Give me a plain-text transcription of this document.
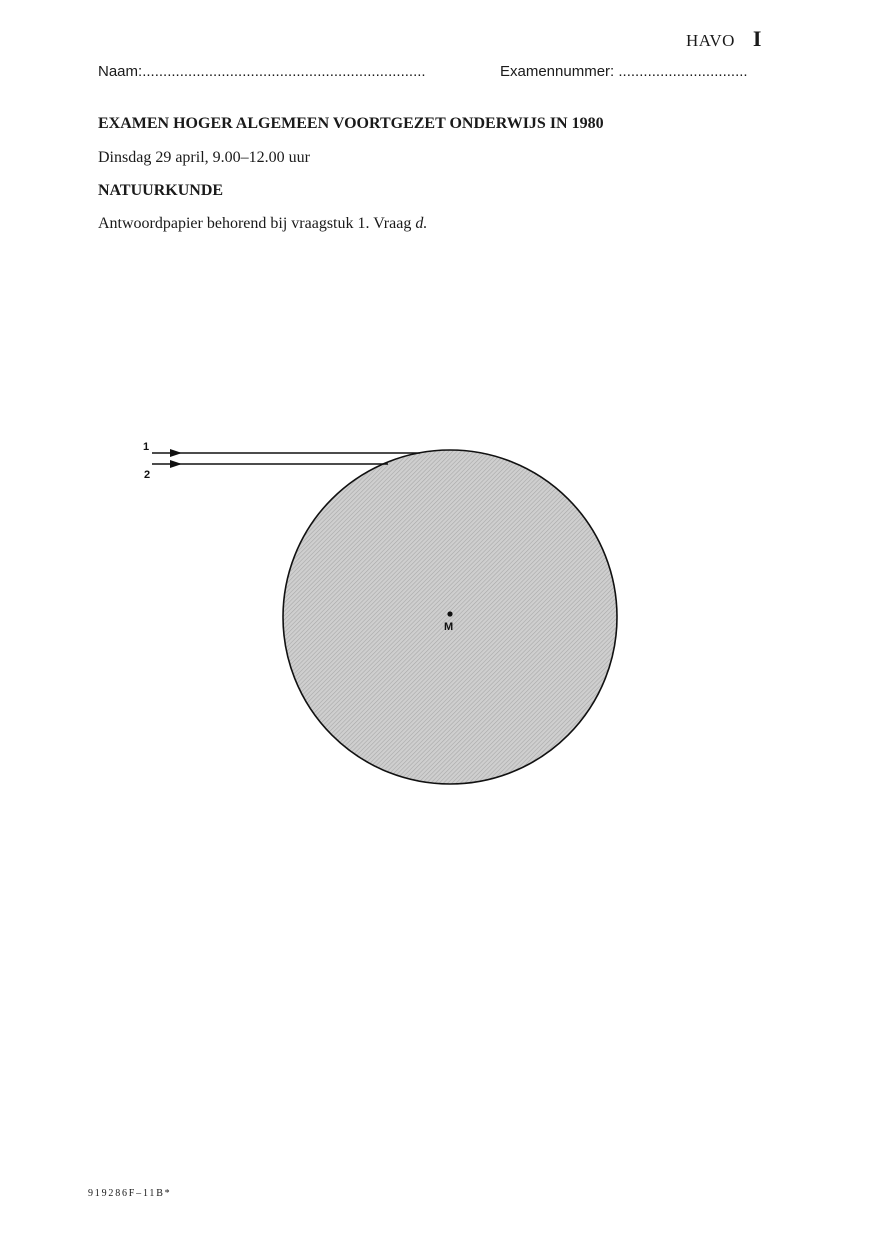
HAVO I
Naam:....................................................................	Examennummer: ...............................
EXAMEN HOGER ALGEMEEN VOORTGEZET ONDERWIJS IN 1980
Dinsdag 29 april, 9.00–12.00 uur
NATUURKUNDE
Antwoordpapier behorend bij vraagstuk 1. Vraag d.
1
2
M
919286F–11B*
